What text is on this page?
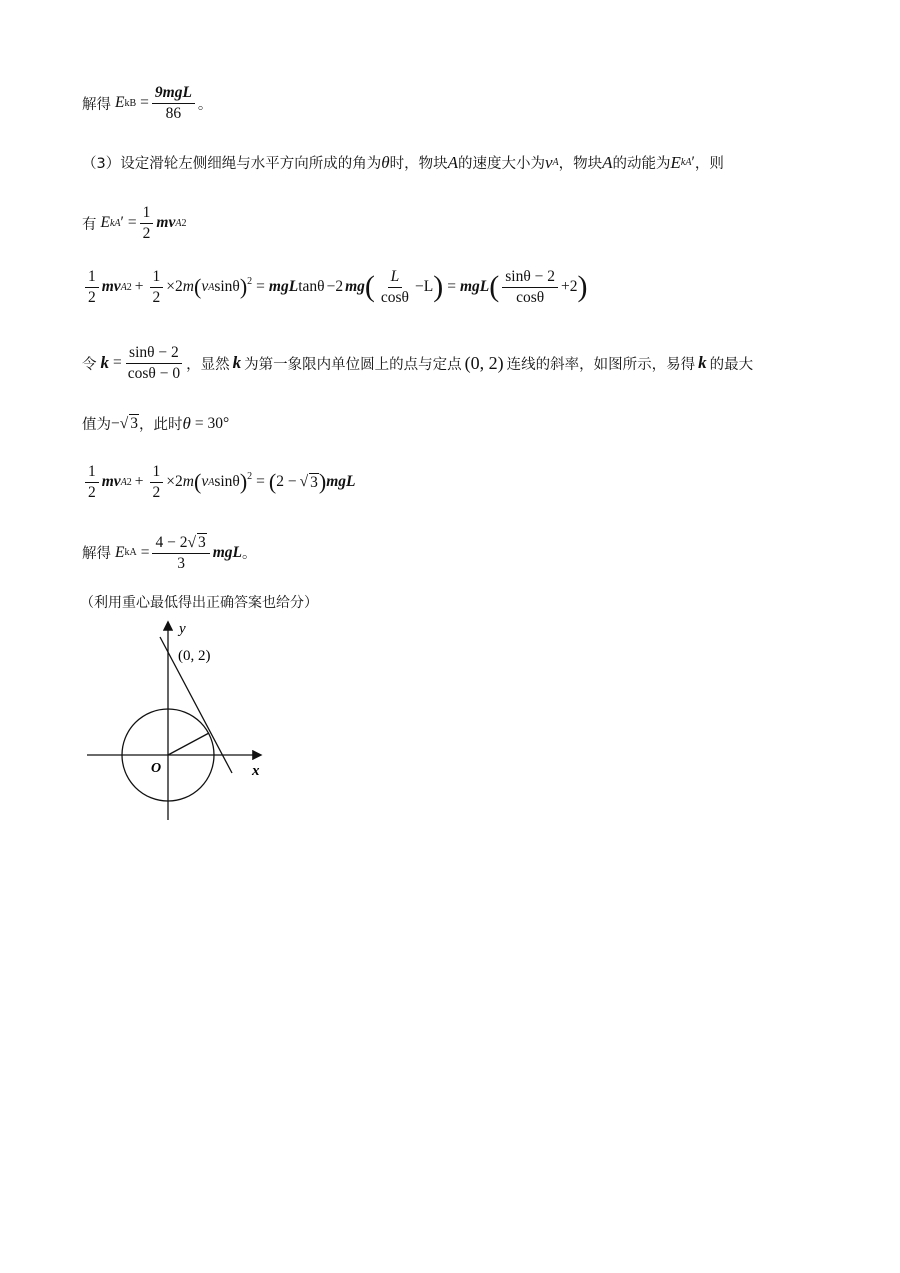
解得 E kB = $\frac{\text{9mgL}}{86}$ 。
（3）设定滑轮左侧细绳与水平方向所成的角为 θ 时，物块 A 的速度大小为 v A ，物块 A 的动能为 E kA ′ ，则
有 E kA ′ = $\frac{1}{2}$ mv A 2
$\frac{1}{2}$ mv A $2 + \frac{1}{2} \times 2$ m ( v A sinθ )$^2$ = mgL tanθ −2 mg ( $\frac{L}{\cos\theta} -L$ ) = mgL ( $\frac{\sin\theta - 2}{\cos\theta} +2$ )
令 $k = \frac{\sin\theta - 2}{\cos\theta - 0}$ ，显然 k 为第一象限内单位圆上的点与定点 (0, 2) 连线的斜率，如图所示，易得 k 的最大
值为 − √ 3 ，此时 θ = 30°
$\frac{1}{2}$ mv A $2 + \frac{1}{2} \times 2$ m ( v A sinθ )$^2$ = ( 2 − √ 3 ) mgL
解得 E kA = $\frac{4 - 2√ 3}{3}$ mgL 。
（利用重心最低得出正确答案也给分）
y
x
O
(0, 2)
